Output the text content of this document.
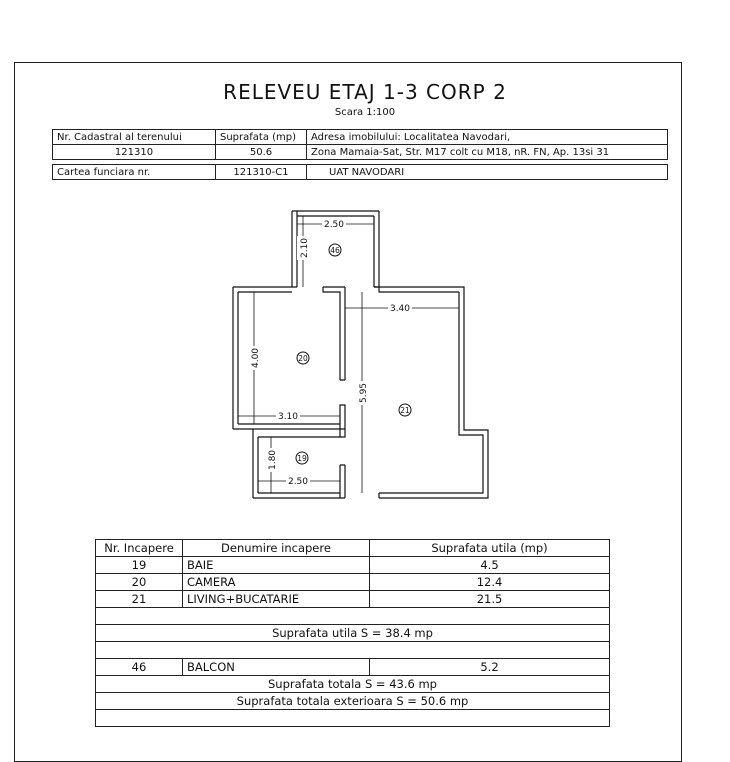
RELEVEU ETAJ 1-3 CORP 2
Scara 1:100
Nr. Cadastral al terenului	Suprafata (mp)	Adresa imobilului: Localitatea Navodari,
121310	50.6	Zona Mamaia-Sat, Str. M17 colt cu M18, nR. FN, Ap. 13si 31
Cartea funciara nr.	121310-C1	UAT NAVODARI
2.50
2.10
3.40
4.00
5.95
3.10
1.80
2.50
46
20
21
19
Nr. Incapere	Denumire incapere	Suprafata utila (mp)
19	BAIE	4.5
20	CAMERA	12.4
21	LIVING+BUCATARIE	21.5

Suprafata utila S = 38.4 mp		

46	BALCON	5.2
Suprafata totala S = 43.6 mp		
Suprafata totala exterioara S = 50.6 mp		
